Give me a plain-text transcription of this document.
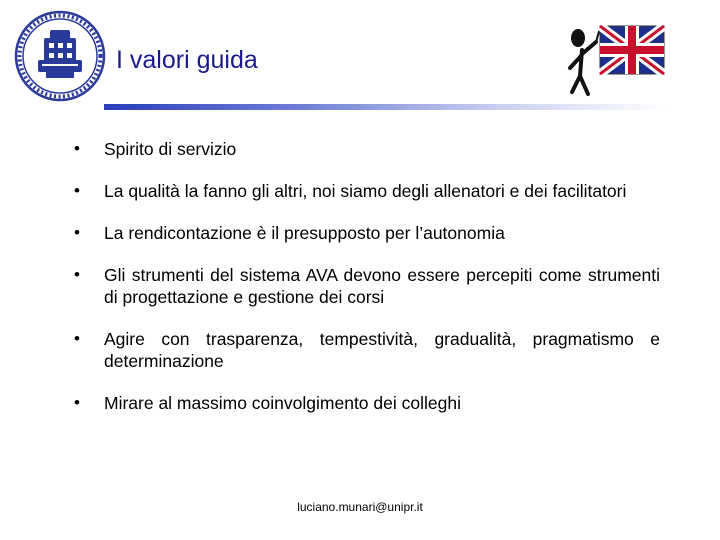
I valori guida
• Spirito di servizio
• La qualità la fanno gli altri, noi siamo degli allenatori e dei facilitatori
• La rendicontazione è il presupposto per l’autonomia
• Gli strumenti del sistema AVA devono essere percepiti come strumenti di progettazione e gestione dei corsi
• Agire con trasparenza, tempestività, gradualità, pragmatismo e determinazione
• Mirare al massimo coinvolgimento dei colleghi
luciano.munari@unipr.it
